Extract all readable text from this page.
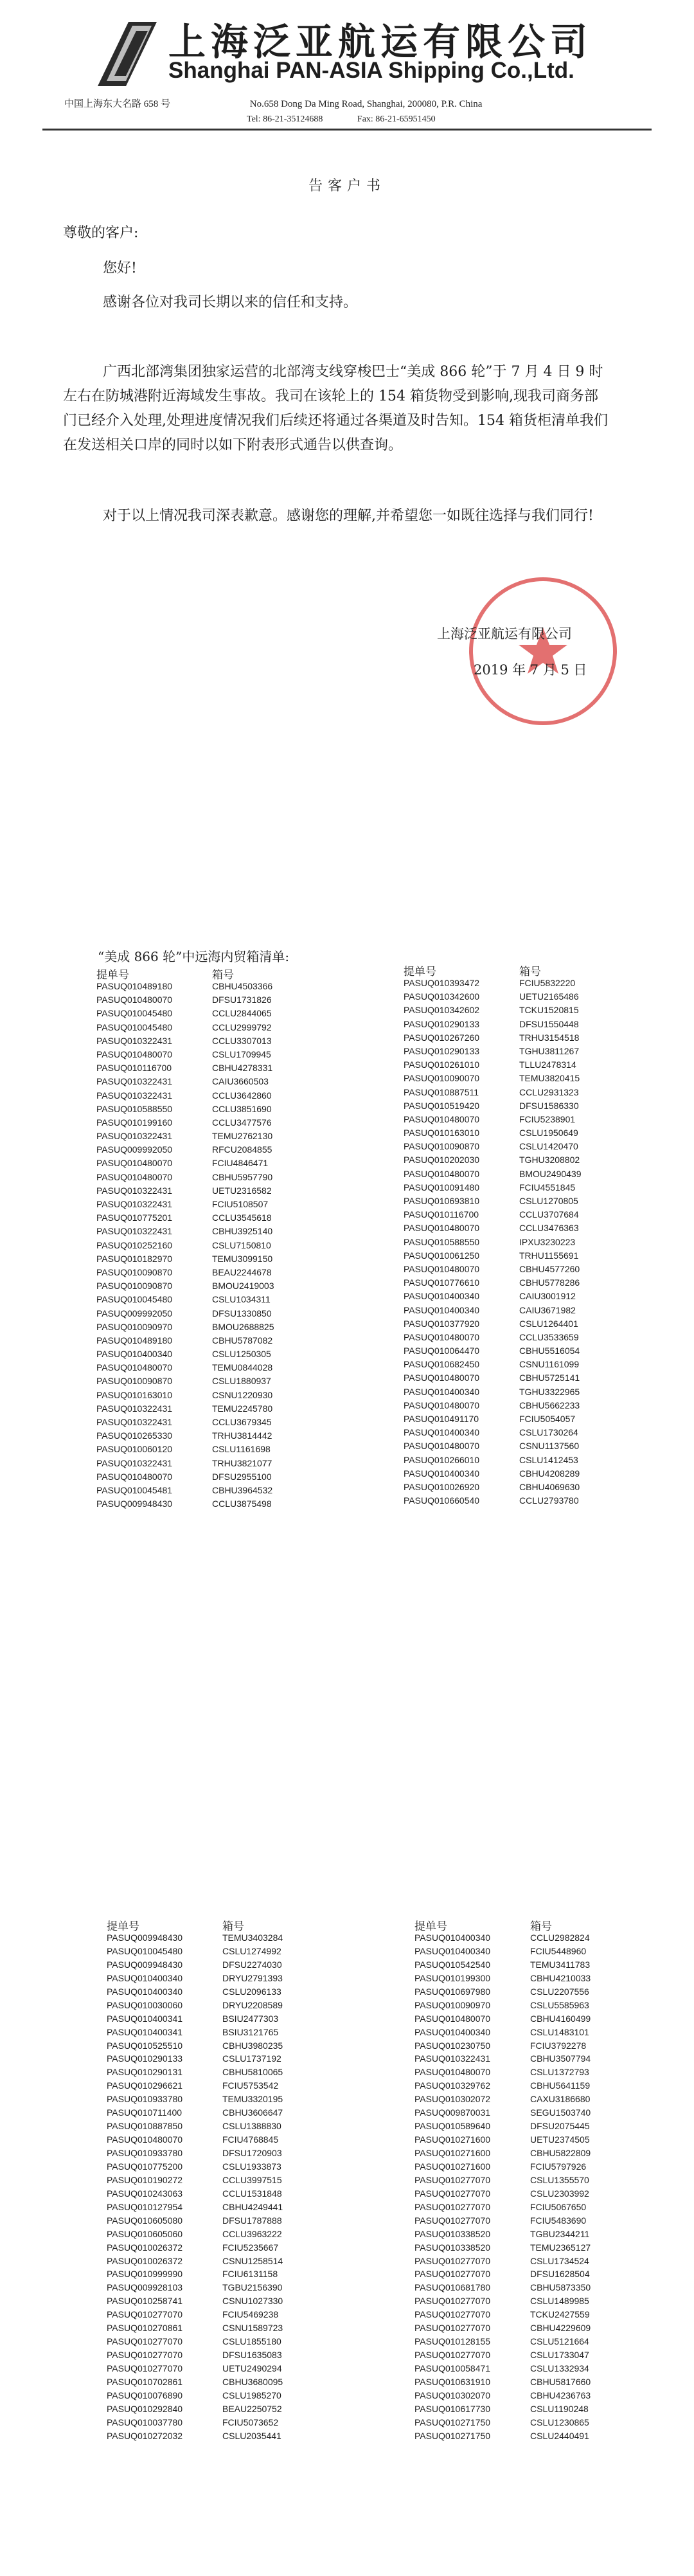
上海泛亚航运有限公司
Shanghai PAN-ASIA Shipping Co.,Ltd.
中国上海东大名路 658 号	No.658 Dong Da Ming Road, Shanghai, 200080, P.R. China
Tel: 86-21-35124688	Fax: 86-21-65951450
告客户书
尊敬的客户:
您好!
感谢各位对我司长期以来的信任和支持。
广西北部湾集团独家运营的北部湾支线穿梭巴士“美成 866 轮”于 7 月 4 日 9 时左右在防城港附近海域发生事故。我司在该轮上的 154 箱货物受到影响,现我司商务部门已经介入处理,处理进度情况我们后续还将通过各渠道及时告知。154 箱货柜清单我们在发送相关口岸的同时以如下附表形式通告以供查询。
对于以上情况我司深表歉意。感谢您的理解,并希望您一如既往选择与我们同行!
上海泛亚航运有限公司
2019 年 7 月 5 日
“美成 866 轮”中远海内贸箱清单:
提单号	箱号
PASUQ010489180	CBHU4503366
PASUQ010480070	DFSU1731826
PASUQ010045480	CCLU2844065
PASUQ010045480	CCLU2999792
PASUQ010322431	CCLU3307013
PASUQ010480070	CSLU1709945
PASUQ010116700	CBHU4278331
PASUQ010322431	CAIU3660503
PASUQ010322431	CCLU3642860
PASUQ010588550	CCLU3851690
PASUQ010199160	CCLU3477576
PASUQ010322431	TEMU2762130
PASUQ009992050	RFCU2084855
PASUQ010480070	FCIU4846471
PASUQ010480070	CBHU5957790
PASUQ010322431	UETU2316582
PASUQ010322431	FCIU5108507
PASUQ010775201	CCLU3545618
PASUQ010322431	CBHU3925140
PASUQ010252160	CSLU7150810
PASUQ010182970	TEMU3099150
PASUQ010090870	BEAU2244678
PASUQ010090870	BMOU2419003
PASUQ010045480	CSLU1034311
PASUQ009992050	DFSU1330850
PASUQ010090970	BMOU2688825
PASUQ010489180	CBHU5787082
PASUQ010400340	CSLU1250305
PASUQ010480070	TEMU0844028
PASUQ010090870	CSLU1880937
PASUQ010163010	CSNU1220930
PASUQ010322431	TEMU2245780
PASUQ010322431	CCLU3679345
PASUQ010265330	TRHU3814442
PASUQ010060120	CSLU1161698
PASUQ010322431	TRHU3821077
PASUQ010480070	DFSU2955100
PASUQ010045481	CBHU3964532
PASUQ009948430	CCLU3875498
提单号	箱号
PASUQ010393472	FCIU5832220
PASUQ010342600	UETU2165486
PASUQ010342602	TCKU1520815
PASUQ010290133	DFSU1550448
PASUQ010267260	TRHU3154518
PASUQ010290133	TGHU3811267
PASUQ010261010	TLLU2478314
PASUQ010090070	TEMU3820415
PASUQ010887511	CCLU2931323
PASUQ010519420	DFSU1586330
PASUQ010480070	FCIU5238901
PASUQ010163010	CSLU1950649
PASUQ010090870	CSLU1420470
PASUQ010202030	TGHU3208802
PASUQ010480070	BMOU2490439
PASUQ010091480	FCIU4551845
PASUQ010693810	CSLU1270805
PASUQ010116700	CCLU3707684
PASUQ010480070	CCLU3476363
PASUQ010588550	IPXU3230223
PASUQ010061250	TRHU1155691
PASUQ010480070	CBHU4577260
PASUQ010776610	CBHU5778286
PASUQ010400340	CAIU3001912
PASUQ010400340	CAIU3671982
PASUQ010377920	CSLU1264401
PASUQ010480070	CCLU3533659
PASUQ010064470	CBHU5516054
PASUQ010682450	CSNU1161099
PASUQ010480070	CBHU5725141
PASUQ010400340	TGHU3322965
PASUQ010480070	CBHU5662233
PASUQ010491170	FCIU5054057
PASUQ010400340	CSLU1730264
PASUQ010480070	CSNU1137560
PASUQ010266010	CSLU1412453
PASUQ010400340	CBHU4208289
PASUQ010026920	CBHU4069630
PASUQ010660540	CCLU2793780
提单号	箱号
PASUQ009948430	TEMU3403284
PASUQ010045480	CSLU1274992
PASUQ009948430	DFSU2274030
PASUQ010400340	DRYU2791393
PASUQ010400340	CSLU2096133
PASUQ010030060	DRYU2208589
PASUQ010400341	BSIU2477303
PASUQ010400341	BSIU3121765
PASUQ010525510	CBHU3980235
PASUQ010290133	CSLU1737192
PASUQ010290131	CBHU5810065
PASUQ010296621	FCIU5753542
PASUQ010933780	TEMU3320195
PASUQ010711400	CBHU3606647
PASUQ010887850	CSLU1388830
PASUQ010480070	FCIU4768845
PASUQ010933780	DFSU1720903
PASUQ010775200	CSLU1933873
PASUQ010190272	CCLU3997515
PASUQ010243063	CCLU1531848
PASUQ010127954	CBHU4249441
PASUQ010605080	DFSU1787888
PASUQ010605060	CCLU3963222
PASUQ010026372	FCIU5235667
PASUQ010026372	CSNU1258514
PASUQ010999990	FCIU6131158
PASUQ009928103	TGBU2156390
PASUQ010258741	CSNU1027330
PASUQ010277070	FCIU5469238
PASUQ010270861	CSNU1589723
PASUQ010277070	CSLU1855180
PASUQ010277070	DFSU1635083
PASUQ010277070	UETU2490294
PASUQ010702861	CBHU3680095
PASUQ010076890	CSLU1985270
PASUQ010292840	BEAU2250752
PASUQ010037780	FCIU5073652
PASUQ010272032	CSLU2035441
提单号	箱号
PASUQ010400340	CCLU2982824
PASUQ010400340	FCIU5448960
PASUQ010542540	TEMU3411783
PASUQ010199300	CBHU4210033
PASUQ010697980	CSLU2207556
PASUQ010090970	CSLU5585963
PASUQ010480070	CBHU4160499
PASUQ010400340	CSLU1483101
PASUQ010230750	FCIU3792278
PASUQ010322431	CBHU3507794
PASUQ010480070	CSLU1372793
PASUQ010329762	CBHU5641159
PASUQ010302072	CAXU3186680
PASUQ009870031	SEGU1503740
PASUQ010589640	DFSU2075445
PASUQ010271600	UETU2374505
PASUQ010271600	CBHU5822809
PASUQ010271600	FCIU5797926
PASUQ010277070	CSLU1355570
PASUQ010277070	CSLU2303992
PASUQ010277070	FCIU5067650
PASUQ010277070	FCIU5483690
PASUQ010338520	TGBU2344211
PASUQ010338520	TEMU2365127
PASUQ010277070	CSLU1734524
PASUQ010277070	DFSU1628504
PASUQ010681780	CBHU5873350
PASUQ010277070	CSLU1489985
PASUQ010277070	TCKU2427559
PASUQ010277070	CBHU4229609
PASUQ010128155	CSLU5121664
PASUQ010277070	CSLU1733047
PASUQ010058471	CSLU1332934
PASUQ010631910	CBHU5817660
PASUQ010302070	CBHU4236763
PASUQ010617730	CSLU1190248
PASUQ010271750	CSLU1230865
PASUQ010271750	CSLU2440491
